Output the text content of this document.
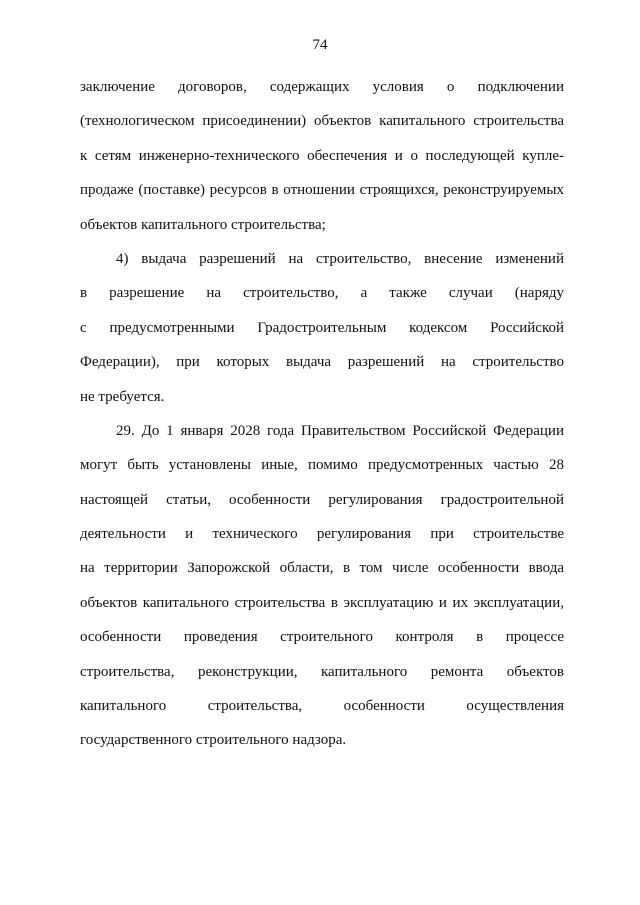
74
заключение договоров, содержащих условия о подключении
(технологическом присоединении) объектов капитального строительства
к сетям инженерно-технического обеспечения и о последующей купле-
продаже (поставке) ресурсов в отношении строящихся, реконструируемых
объектов капитального строительства;
4) выдача разрешений на строительство, внесение изменений
в разрешение на строительство, а также случаи (наряду
с предусмотренными Градостроительным кодексом Российской
Федерации), при которых выдача разрешений на строительство
не требуется.
29. До 1 января 2028 года Правительством Российской Федерации
могут быть установлены иные, помимо предусмотренных частью 28
настоящей статьи, особенности регулирования градостроительной
деятельности и технического регулирования при строительстве
на территории Запорожской области, в том числе особенности ввода
объектов капитального строительства в эксплуатацию и их эксплуатации,
особенности проведения строительного контроля в процессе
строительства, реконструкции, капитального ремонта объектов
капитального строительства, особенности осуществления
государственного строительного надзора.
